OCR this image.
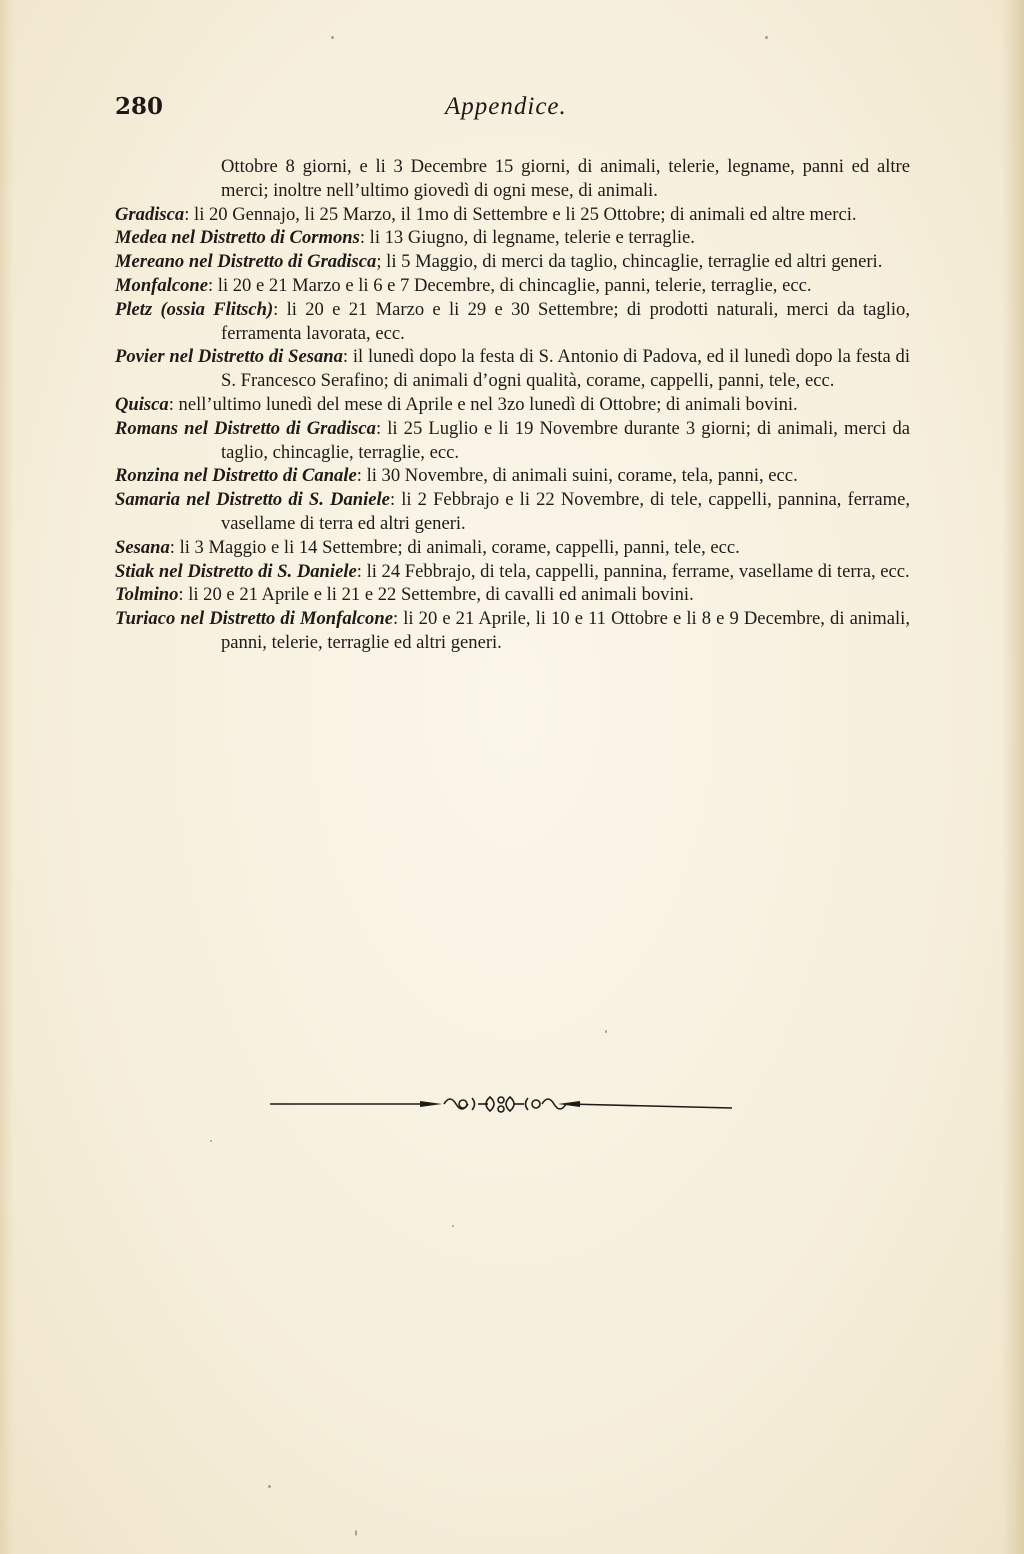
280	Appendice.

Ottobre 8 giorni, e li 3 Decembre 15 giorni, di animali, telerie, legname, panni ed altre merci; inoltre nell’ultimo giovedì di ogni mese, di animali.

Gradisca: li 20 Gennajo, li 25 Marzo, il 1mo di Settembre e li 25 Ottobre; di animali ed altre merci.

Medea nel Distretto di Cormons: li 13 Giugno, di legname, telerie e terraglie.

Mereano nel Distretto di Gradisca; li 5 Maggio, di merci da taglio, chincaglie, terraglie ed altri generi.

Monfalcone: li 20 e 21 Marzo e li 6 e 7 Decembre, di chincaglie, panni, telerie, terraglie, ecc.

Pletz (ossia Flitsch): li 20 e 21 Marzo e li 29 e 30 Settembre; di prodotti naturali, merci da taglio, ferramenta lavorata, ecc.

Povier nel Distretto di Sesana: il lunedì dopo la festa di S. Antonio di Padova, ed il lunedì dopo la festa di S. Francesco Serafino; di animali d’ogni qualità, corame, cappelli, panni, tele, ecc.

Quisca: nell’ultimo lunedì del mese di Aprile e nel 3zo lunedì di Ottobre; di animali bovini.

Romans nel Distretto di Gradisca: li 25 Luglio e li 19 Novembre durante 3 giorni; di animali, merci da taglio, chincaglie, terraglie, ecc.

Ronzina nel Distretto di Canale: li 30 Novembre, di animali suini, corame, tela, panni, ecc.

Samaria nel Distretto di S. Daniele: li 2 Febbrajo e li 22 Novembre, di tele, cappelli, pannina, ferrame, vasellame di terra ed altri generi.

Sesana: li 3 Maggio e li 14 Settembre; di animali, corame, cappelli, panni, tele, ecc.

Stiak nel Distretto di S. Daniele: li 24 Febbrajo, di tela, cappelli, pannina, ferrame, vasellame di terra, ecc.

Tolmino: li 20 e 21 Aprile e li 21 e 22 Settembre, di cavalli ed animali bovini.

Turiaco nel Distretto di Monfalcone: li 20 e 21 Aprile, li 10 e 11 Ottobre e li 8 e 9 Decembre, di animali, panni, telerie, terraglie ed altri generi.
